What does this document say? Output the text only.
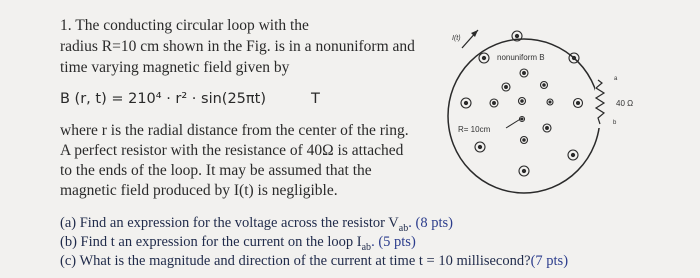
1. The conducting circular loop with the
radius R=10 cm shown in the Fig. is in a nonuniform and
time varying magnetic field given by
B (r, t) = 210⁴ · r² · sin(25πt)	T
where r is the radial distance from the center of the ring.
A perfect resistor with the resistance of 40Ω is attached
to the ends of the loop. It may be assumed that the
magnetic field produced by I(t) is negligible.
(a) Find an expression for the voltage across the resistor $V_{ab}$. (8 pts)
(b) Find t an expression for the current on the loop $I_{ab}$. (5 pts)
(c) What is the magnitude and direction of the current at time t = 10 millisecond?(7 pts)
40 Ω
a
b
I(t)
R= 10cm
nonuniform B
